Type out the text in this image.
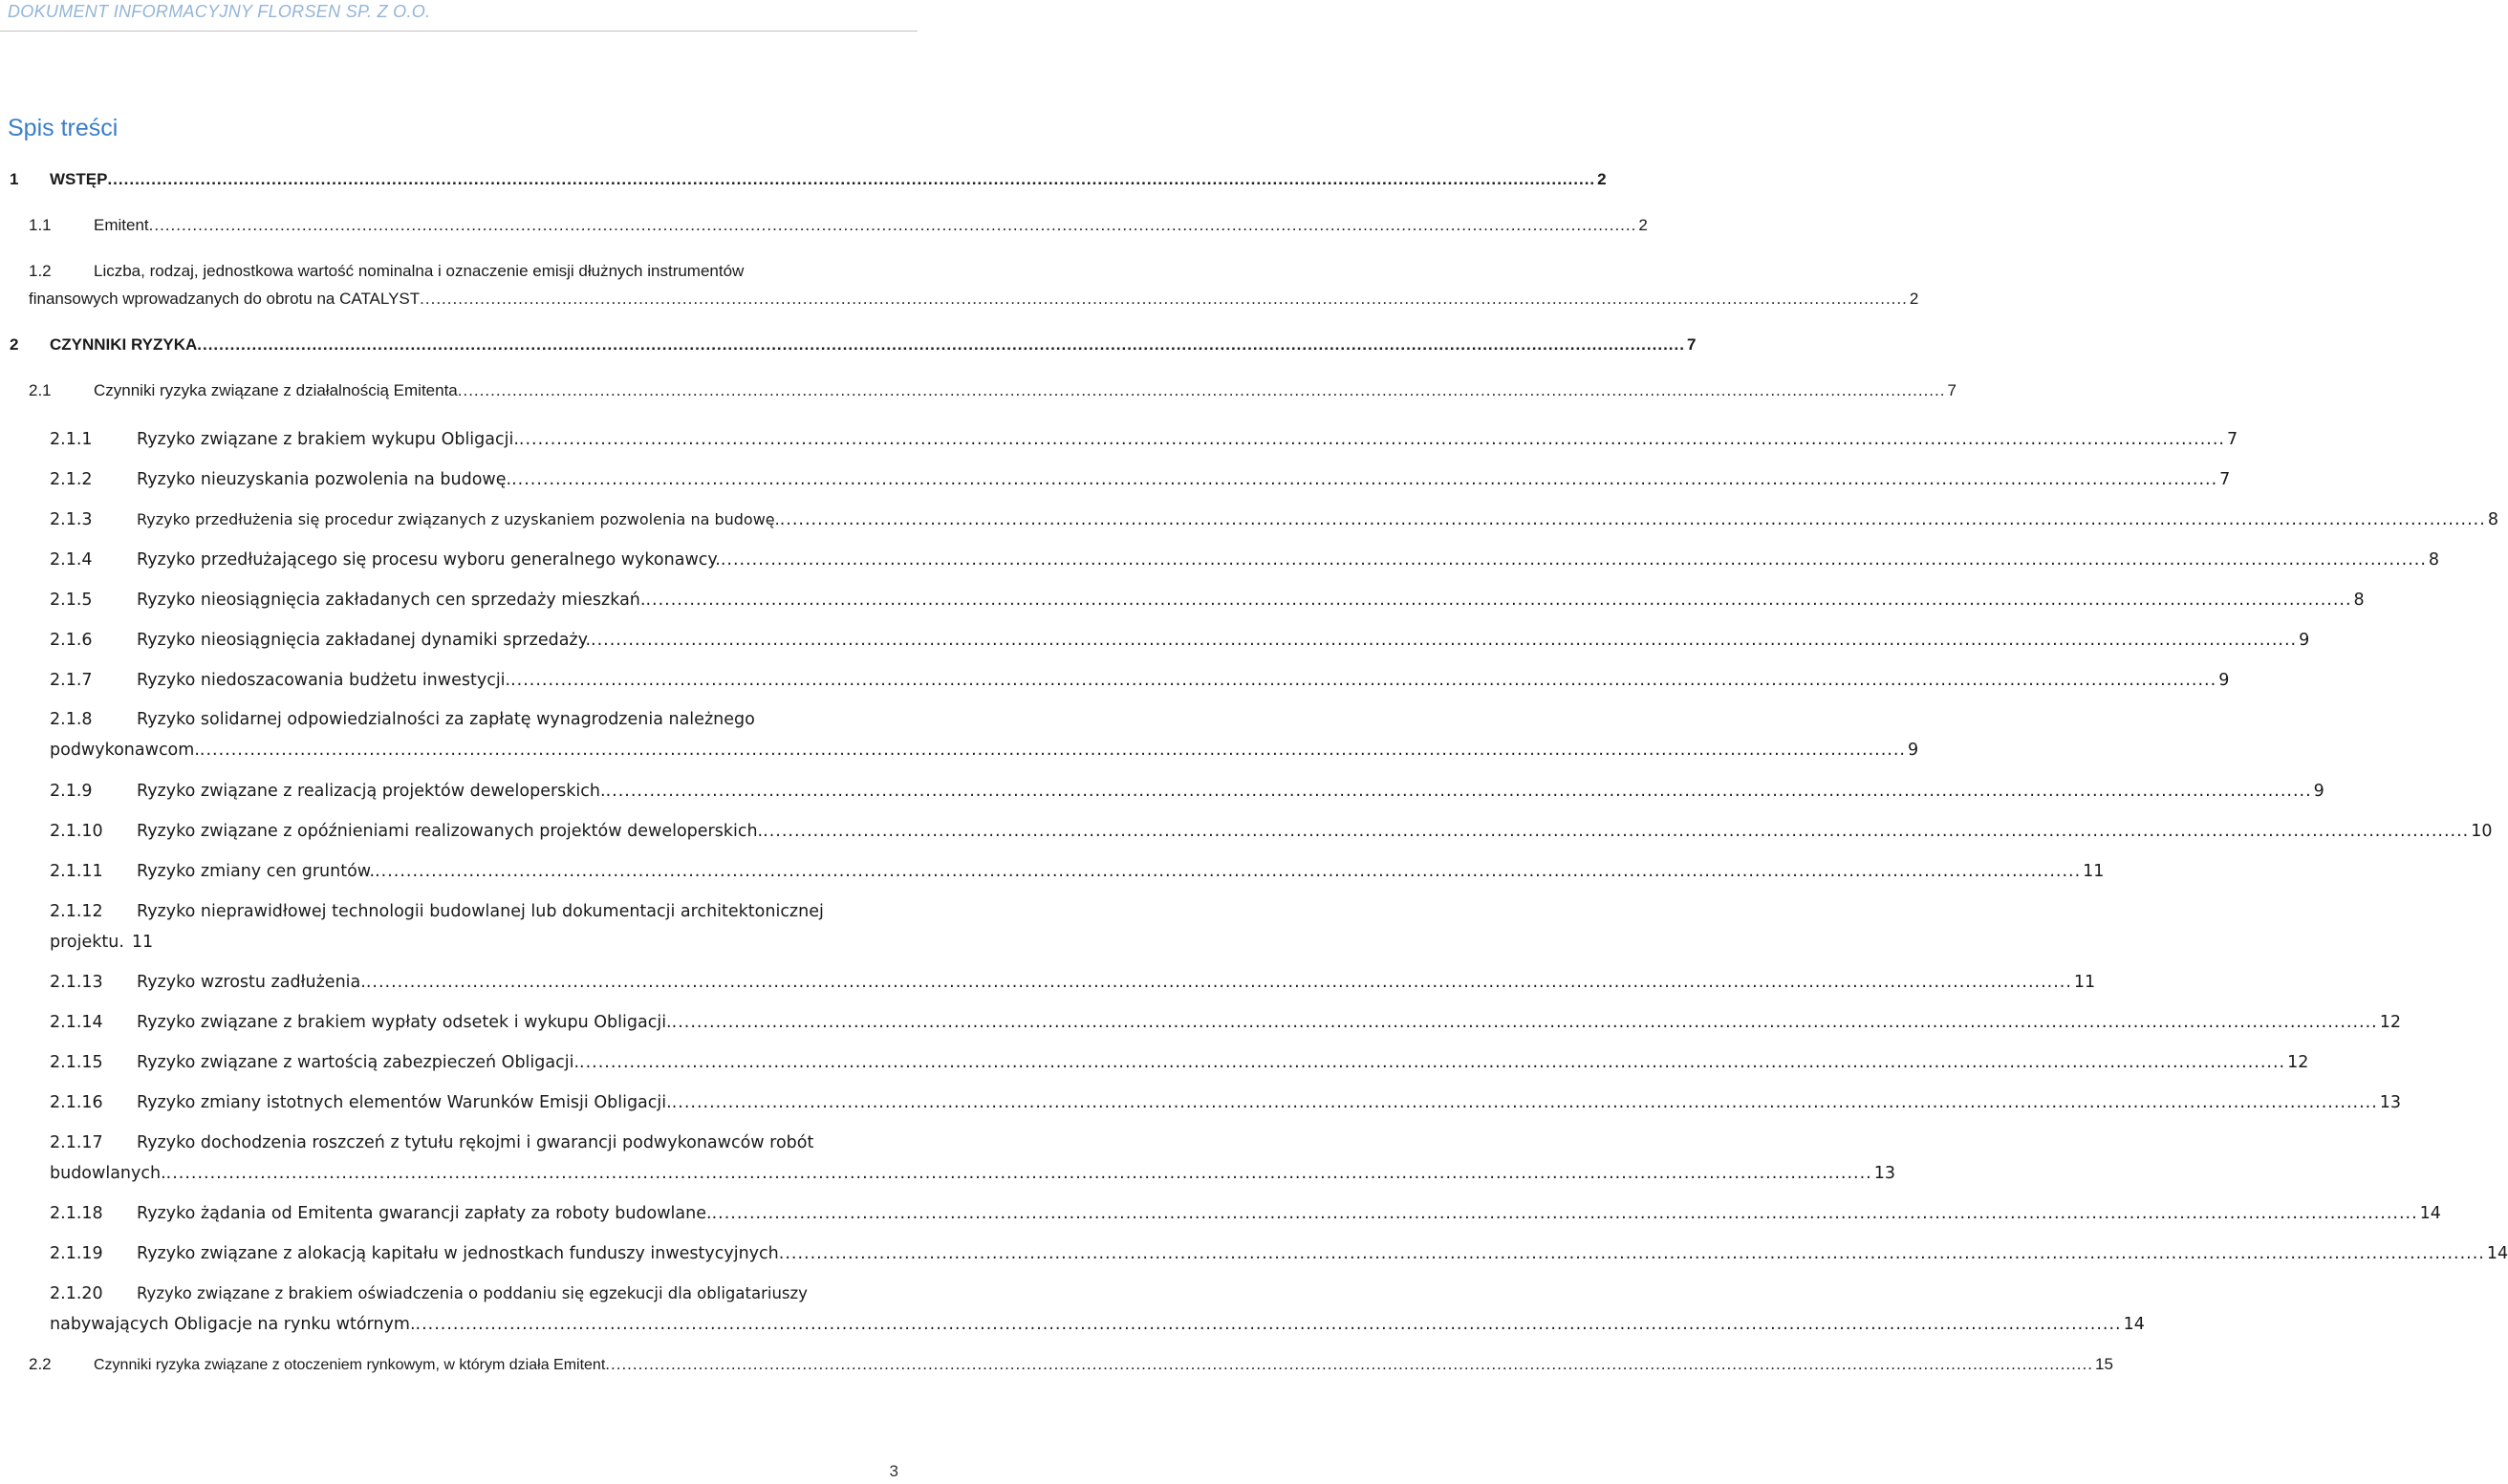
DOKUMENT INFORMACYJNY FLORSEN SP. Z O.O.
Spis treści
1	WSTĘP .....	2
1.1	Emitent .....	2
1.2	Liczba, rodzaj, jednostkowa wartość nominalna i oznaczenie emisji dłużnych instrumentów
finansowych wprowadzanych do obrotu na CATALYST .....	2
2	CZYNNIKI RYZYKA .....	7
2.1	Czynniki ryzyka związane z działalnością Emitenta .....	7
2.1.1	Ryzyko związane z brakiem wykupu Obligacji. .....	7
2.1.2	Ryzyko nieuzyskania pozwolenia na budowę. .....	7
2.1.3	Ryzyko przedłużenia się procedur związanych z uzyskaniem pozwolenia na budowę. .....	8
2.1.4	Ryzyko przedłużającego się procesu wyboru generalnego wykonawcy. .....	8
2.1.5	Ryzyko nieosiągnięcia zakładanych cen sprzedaży mieszkań. .....	8
2.1.6	Ryzyko nieosiągnięcia zakładanej dynamiki sprzedaży. .....	9
2.1.7	Ryzyko niedoszacowania budżetu inwestycji. .....	9
2.1.8	Ryzyko solidarnej odpowiedzialności za zapłatę wynagrodzenia należnego
podwykonawcom. .....	9
2.1.9	Ryzyko związane z realizacją projektów deweloperskich. .....	9
2.1.10	Ryzyko związane z opóźnieniami realizowanych projektów deweloperskich. .....	10
2.1.11	Ryzyko zmiany cen gruntów. .....	11
2.1.12	Ryzyko nieprawidłowej technologii budowlanej lub dokumentacji architektonicznej
projektu. 11
2.1.13	Ryzyko wzrostu zadłużenia. .....	11
2.1.14	Ryzyko związane z brakiem wypłaty odsetek i wykupu Obligacji. .....	12
2.1.15	Ryzyko związane z wartością zabezpieczeń Obligacji. .....	12
2.1.16	Ryzyko zmiany istotnych elementów Warunków Emisji Obligacji. .....	13
2.1.17	Ryzyko dochodzenia roszczeń z tytułu rękojmi i gwarancji podwykonawców robót
budowlanych. .....	13
2.1.18	Ryzyko żądania od Emitenta gwarancji zapłaty za roboty budowlane. .....	14
2.1.19	Ryzyko związane z alokacją kapitału w jednostkach funduszy inwestycyjnych .....	14
2.1.20	Ryzyko związane z brakiem oświadczenia o poddaniu się egzekucji dla obligatariuszy
nabywających Obligacje na rynku wtórnym. .....	14
2.2	Czynniki ryzyka związane z otoczeniem rynkowym, w którym działa Emitent .....	15
3
